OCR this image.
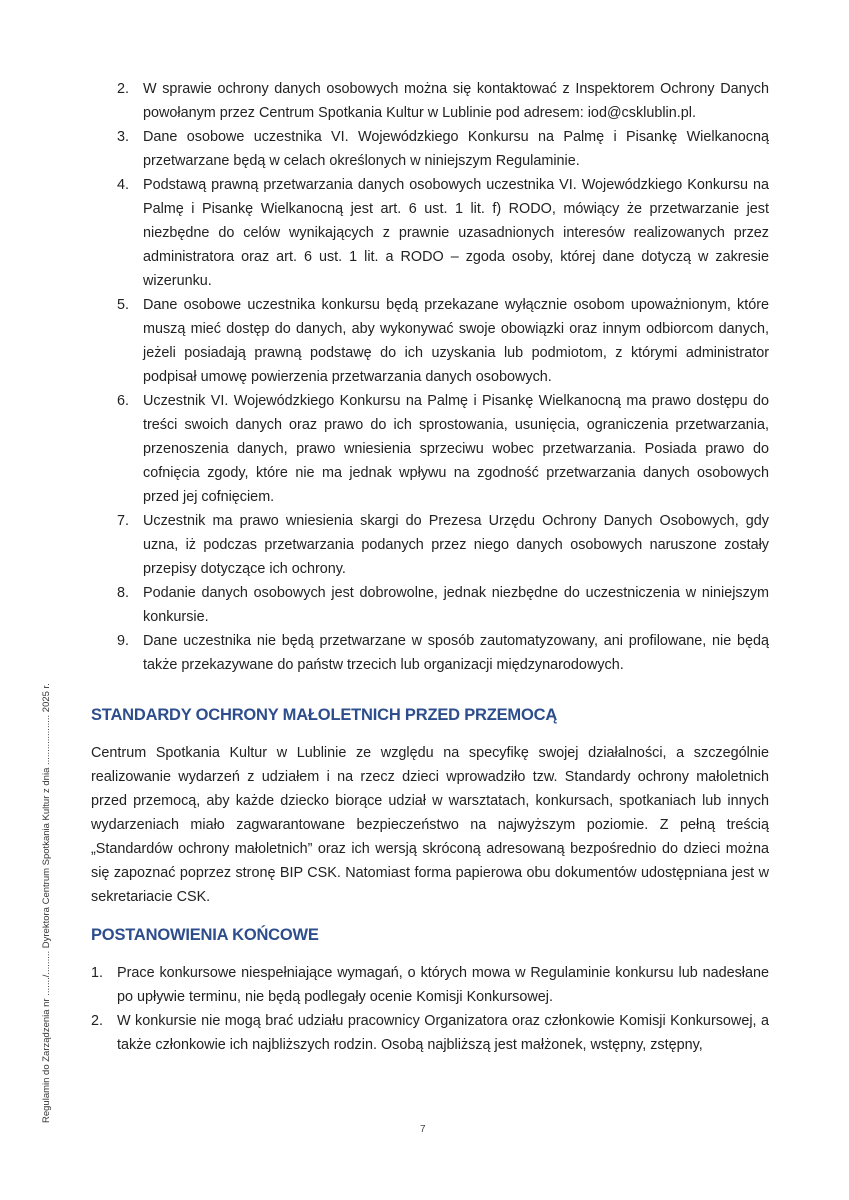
Regulamin do Zarządzenia nr ......./......... Dyrektora Centrum Spotkania Kultur z dnia ................... 2025 r.
2. W sprawie ochrony danych osobowych można się kontaktować z Inspektorem Ochrony Danych powołanym przez Centrum Spotkania Kultur w Lublinie pod adresem: iod@csklublin.pl.
3. Dane osobowe uczestnika VI. Wojewódzkiego Konkursu na Palmę i Pisankę Wielkanocną przetwarzane będą w celach określonych w niniejszym Regulaminie.
4. Podstawą prawną przetwarzania danych osobowych uczestnika VI. Wojewódzkiego Konkursu na Palmę i Pisankę Wielkanocną jest art. 6 ust. 1 lit. f) RODO, mówiący że przetwarzanie jest niezbędne do celów wynikających z prawnie uzasadnionych interesów realizowanych przez administratora oraz art. 6 ust. 1 lit. a RODO – zgoda osoby, której dane dotyczą w zakresie wizerunku.
5. Dane osobowe uczestnika konkursu będą przekazane wyłącznie osobom upoważnionym, które muszą mieć dostęp do danych, aby wykonywać swoje obowiązki oraz innym odbiorcom danych, jeżeli posiadają prawną podstawę do ich uzyskania lub podmiotom, z którymi administrator podpisał umowę powierzenia przetwarzania danych osobowych.
6. Uczestnik VI. Wojewódzkiego Konkursu na Palmę i Pisankę Wielkanocną ma prawo dostępu do treści swoich danych oraz prawo do ich sprostowania, usunięcia, ograniczenia przetwarzania, przenoszenia danych, prawo wniesienia sprzeciwu wobec przetwarzania. Posiada prawo do cofnięcia zgody, które nie ma jednak wpływu na zgodność przetwarzania danych osobowych przed jej cofnięciem.
7. Uczestnik ma prawo wniesienia skargi do Prezesa Urzędu Ochrony Danych Osobowych, gdy uzna, iż podczas przetwarzania podanych przez niego danych osobowych naruszone zostały przepisy dotyczące ich ochrony.
8. Podanie danych osobowych jest dobrowolne, jednak niezbędne do uczestniczenia w niniejszym konkursie.
9. Dane uczestnika nie będą przetwarzane w sposób zautomatyzowany, ani profilowane, nie będą także przekazywane do państw trzecich lub organizacji międzynarodowych.
STANDARDY OCHRONY MAŁOLETNICH PRZED PRZEMOCĄ

Centrum Spotkania Kultur w Lublinie ze względu na specyfikę swojej działalności, a szczególnie realizowanie wydarzeń z udziałem i na rzecz dzieci wprowadziło tzw. Standardy ochrony małoletnich przed przemocą, aby każde dziecko biorące udział w warsztatach, konkursach, spotkaniach lub innych wydarzeniach miało zagwarantowane bezpieczeństwo na najwyższym poziomie. Z pełną treścią „Standardów ochrony małoletnich” oraz ich wersją skróconą adresowaną bezpośrednio do dzieci można się zapoznać poprzez stronę BIP CSK. Natomiast forma papierowa obu dokumentów udostępniana jest w sekretariacie CSK.

POSTANOWIENIA KOŃCOWE
1. Prace konkursowe niespełniające wymagań, o których mowa w Regulaminie konkursu lub nadesłane po upływie terminu, nie będą podlegały ocenie Komisji Konkursowej.
2. W konkursie nie mogą brać udziału pracownicy Organizatora oraz członkowie Komisji Konkursowej, a także członkowie ich najbliższych rodzin. Osobą najbliższą jest małżonek, wstępny, zstępny,
7
